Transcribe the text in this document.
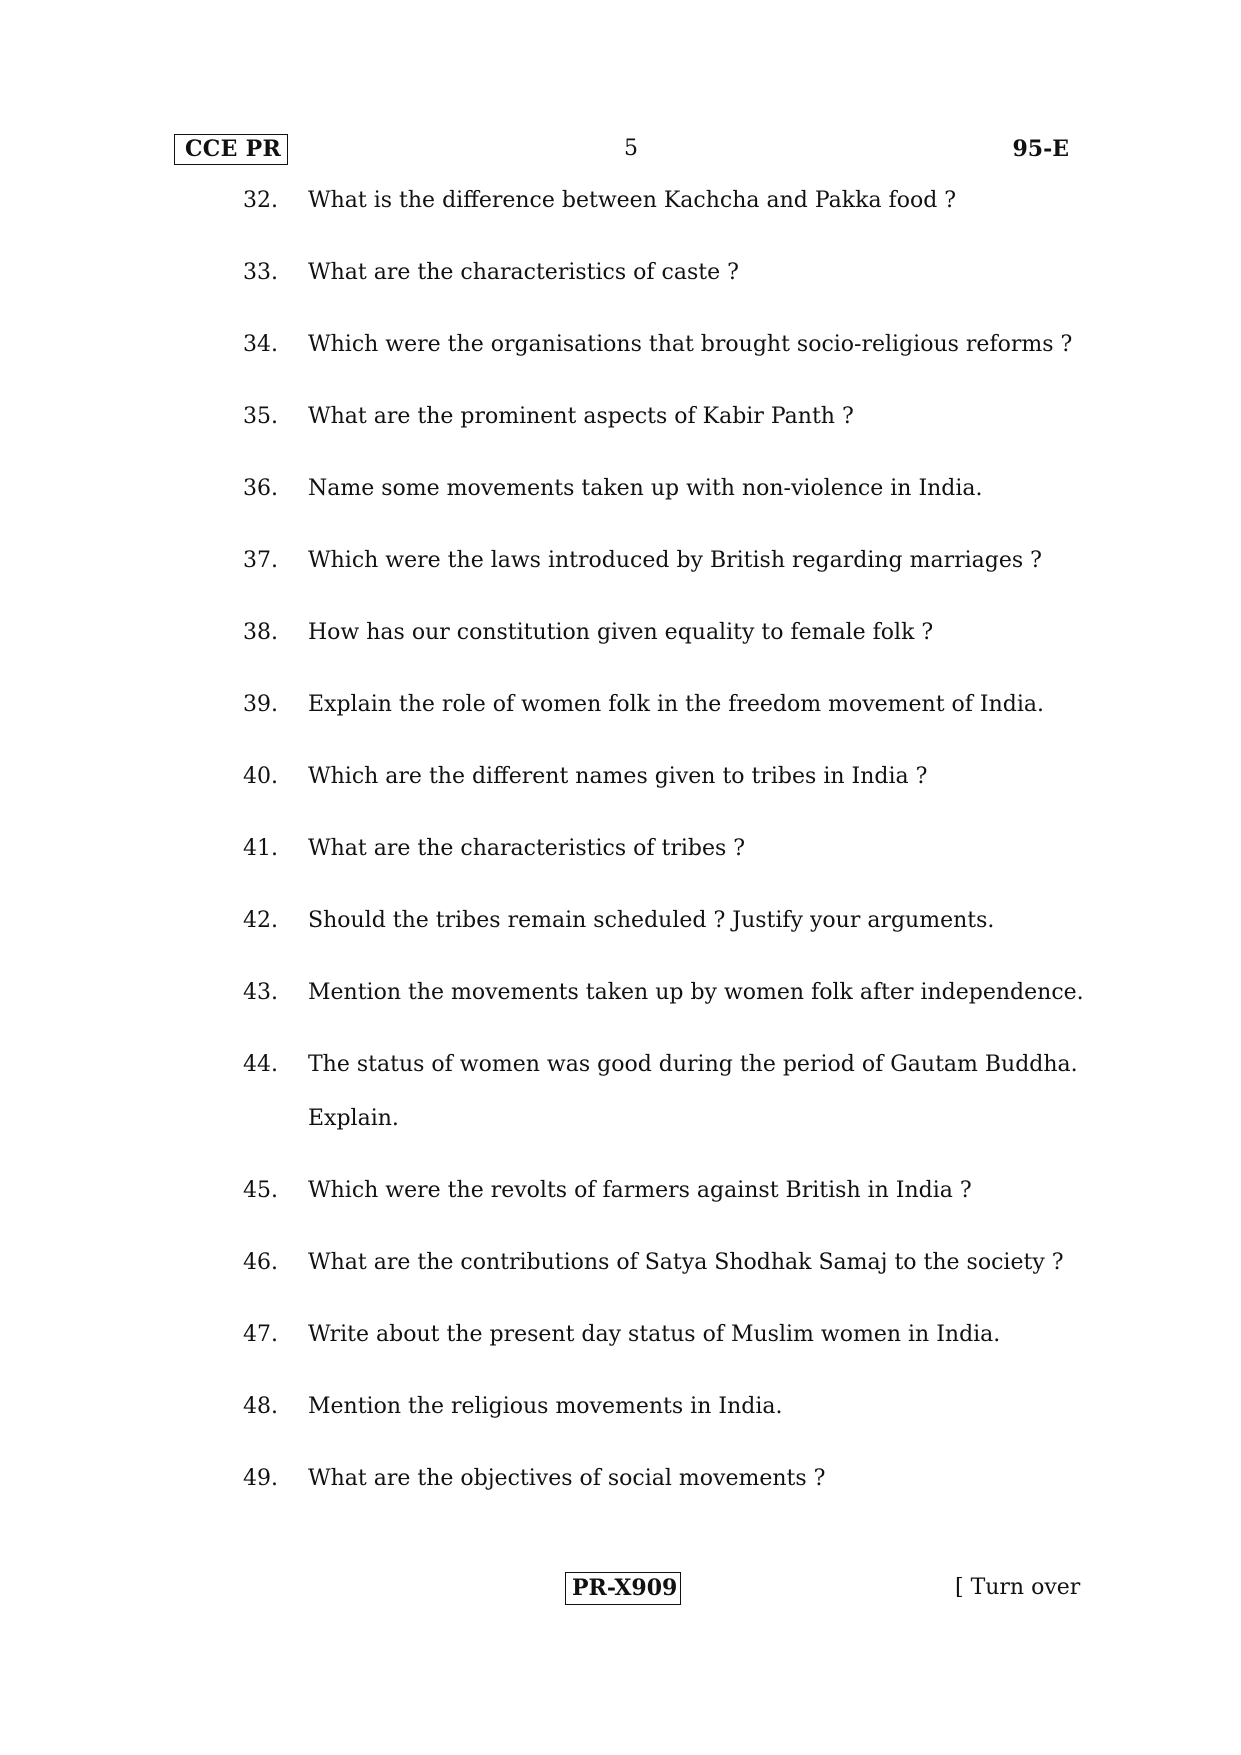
CCE PR	5	95-E
32.	What is the difference between Kachcha and Pakka food ?
33.	What are the characteristics of caste ?
34.	Which were the organisations that brought socio-religious reforms ?
35.	What are the prominent aspects of Kabir Panth ?
36.	Name some movements taken up with non-violence in India.
37.	Which were the laws introduced by British regarding marriages ?
38.	How has our constitution given equality to female folk ?
39.	Explain the role of women folk in the freedom movement of India.
40.	Which are the different names given to tribes in India ?
41.	What are the characteristics of tribes ?
42.	Should the tribes remain scheduled ? Justify your arguments.
43.	Mention the movements taken up by women folk after independence.
44.	The status of women was good during the period of Gautam Buddha. Explain.
45.	Which were the revolts of farmers against British in India ?
46.	What are the contributions of Satya Shodhak Samaj to the society ?
47.	Write about the present day status of Muslim women in India.
48.	Mention the religious movements in India.
49.	What are the objectives of social movements ?
PR-X909	[ Turn over
